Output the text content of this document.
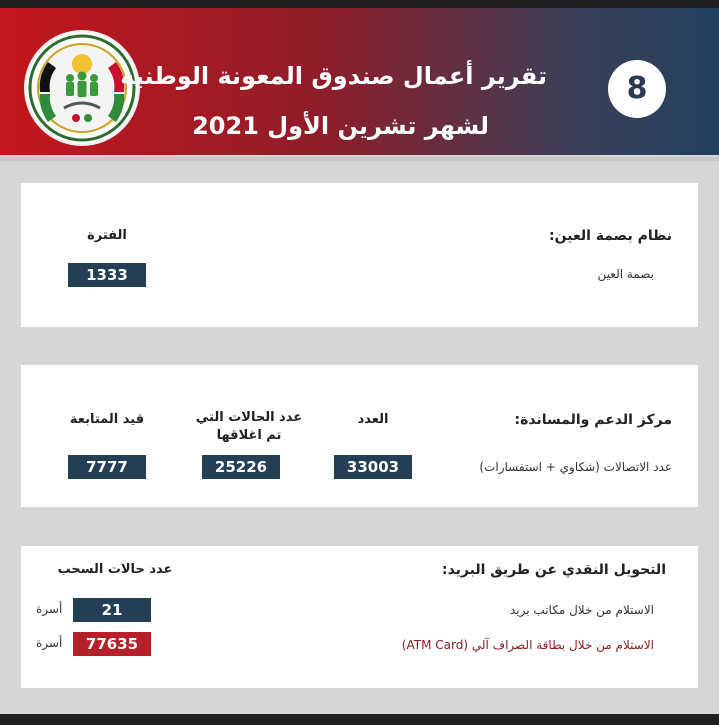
تقرير أعمال صندوق المعونة الوطنية
لشهر تشرين الأول 2021
8
نظام بصمة العين:
الفترة
بصمة العين
1333
مركز الدعم والمساندة:
العدد
عدد الحالات التي تم اغلاقها
قيد المتابعة
عدد الاتصالات (شكاوي + استفسارات)
33003
25226
7777
التحويل النقدي عن طريق البريد:
عدد حالات السحب
الاستلام من خلال مكاتب بريد
21
أسرة
الاستلام من خلال بطاقة الصراف آلي (ATM Card)
77635
أسرة
